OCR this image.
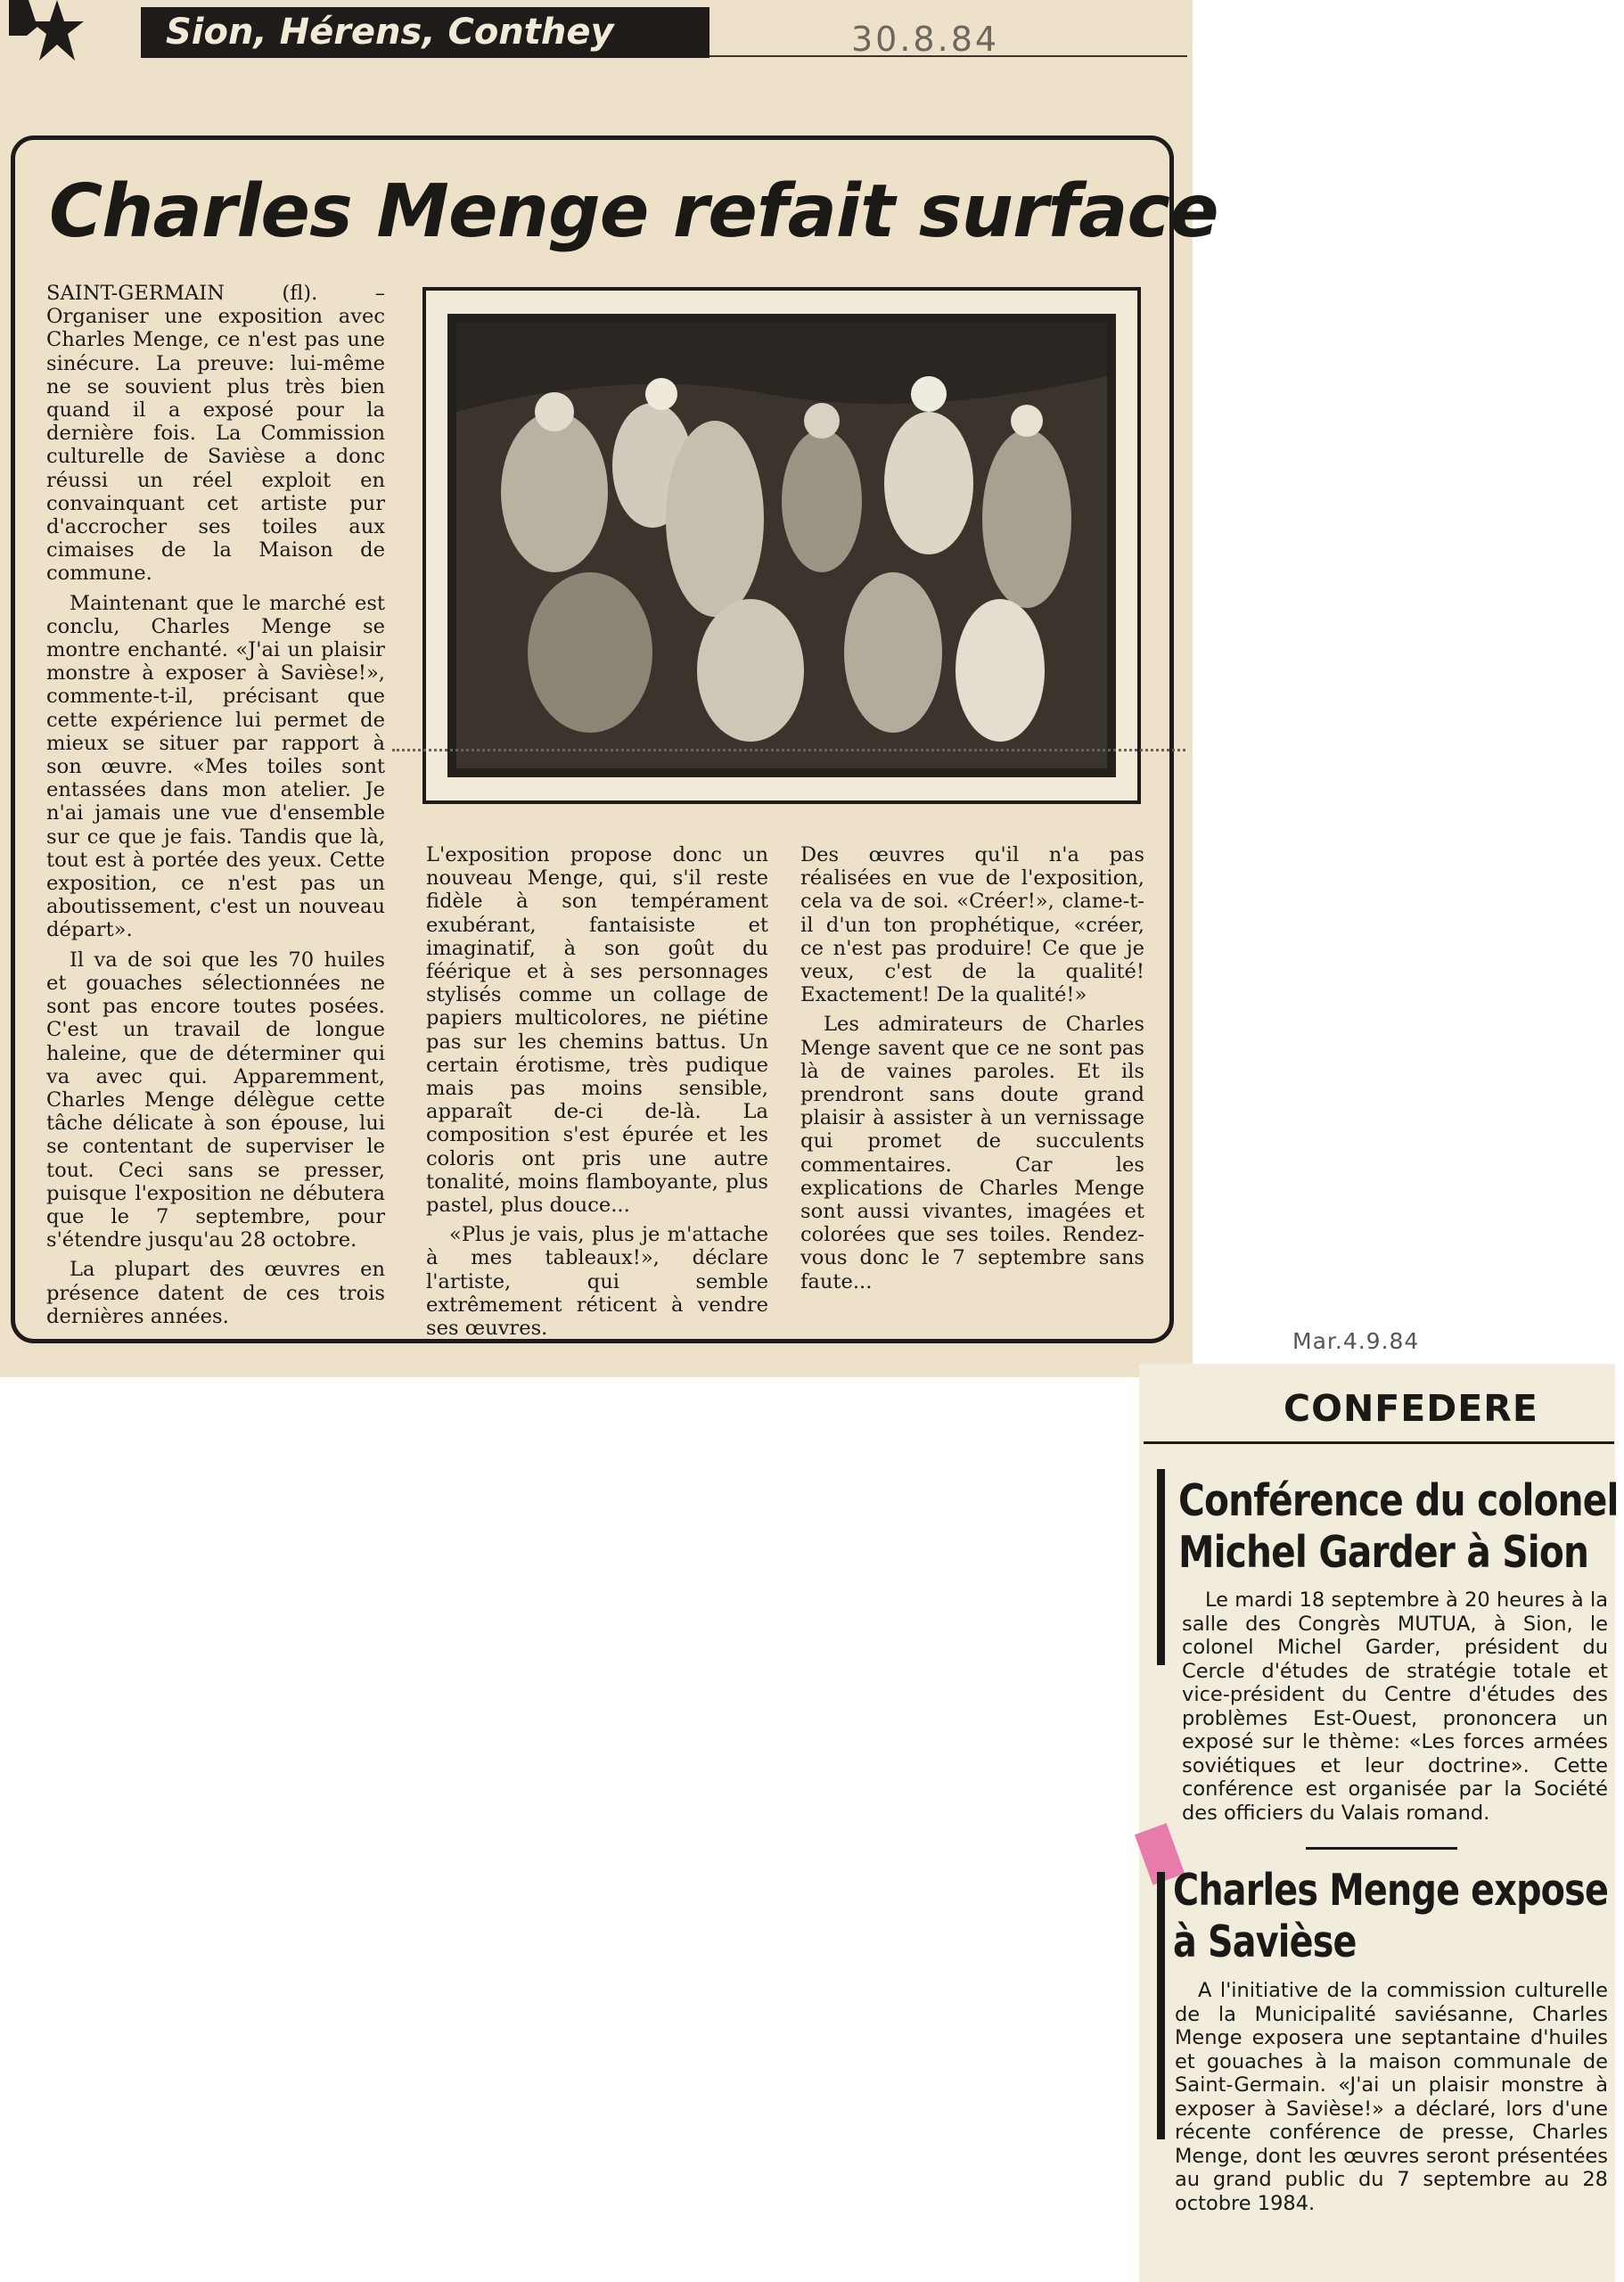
Sion, Hérens, Conthey	30.8.84
Charles Menge refait surface

SAINT-GERMAIN (fl). – Organiser une exposition avec Charles Menge, ce n'est pas une sinécure. La preuve: lui-même ne se souvient plus très bien quand il a exposé pour la dernière fois. La Commission culturelle de Savièse a donc réussi un réel exploit en convainquant cet artiste pur d'accrocher ses toiles aux cimaises de la Maison de commune.

Maintenant que le marché est conclu, Charles Menge se montre enchanté. «J'ai un plaisir monstre à exposer à Savièse!», commente-t-il, précisant que cette expérience lui permet de mieux se situer par rapport à son œuvre. «Mes toiles sont entassées dans mon atelier. Je n'ai jamais une vue d'ensemble sur ce que je fais. Tandis que là, tout est à portée des yeux. Cette exposition, ce n'est pas un aboutissement, c'est un nouveau départ».

Il va de soi que les 70 huiles et gouaches sélectionnées ne sont pas encore toutes posées. C'est un travail de longue haleine, que de déterminer qui va avec qui. Apparemment, Charles Menge délègue cette tâche délicate à son épouse, lui se contentant de superviser le tout. Ceci sans se presser, puisque l'exposition ne débutera que le 7 septembre, pour s'étendre jusqu'au 28 octobre.

La plupart des œuvres en présence datent de ces trois dernières années.

L'exposition propose donc un nouveau Menge, qui, s'il reste fidèle à son tempérament exubérant, fantaisiste et imaginatif, à son goût du féérique et à ses personnages stylisés comme un collage de papiers multicolores, ne piétine pas sur les chemins battus. Un certain érotisme, très pudique mais pas moins sensible, apparaît de-ci de-là. La composition s'est épurée et les coloris ont pris une autre tonalité, moins flamboyante, plus pastel, plus douce...

«Plus je vais, plus je m'attache à mes tableaux!», déclare l'artiste, qui semble extrêmement réticent à vendre ses œuvres.

Des œuvres qu'il n'a pas réalisées en vue de l'exposition, cela va de soi. «Créer!», clame-t-il d'un ton prophétique, «créer, ce n'est pas produire! Ce que je veux, c'est de la qualité! Exactement! De la qualité!»

Les admirateurs de Charles Menge savent que ce ne sont pas là de vaines paroles. Et ils prendront sans doute grand plaisir à assister à un vernissage qui promet de succulents commentaires. Car les explications de Charles Menge sont aussi vivantes, imagées et colorées que ses toiles. Rendez-vous donc le 7 septembre sans faute...

Mar.4.9.84
CONFEDERE
Conférence du colonel
Michel Garder à Sion

Le mardi 18 septembre à 20 heures à la salle des Congrès MUTUA, à Sion, le colonel Michel Garder, président du Cercle d'études de stratégie totale et vice-président du Centre d'études des problèmes Est-Ouest, prononcera un exposé sur le thème: «Les forces armées soviétiques et leur doctrine». Cette conférence est organisée par la Société des officiers du Valais romand.

Charles Menge expose
à Savièse

A l'initiative de la commission culturelle de la Municipalité saviésanne, Charles Menge exposera une septantaine d'huiles et gouaches à la maison communale de Saint-Germain. «J'ai un plaisir monstre à exposer à Savièse!» a déclaré, lors d'une récente conférence de presse, Charles Menge, dont les œuvres seront présentées au grand public du 7 septembre au 28 octobre 1984.
